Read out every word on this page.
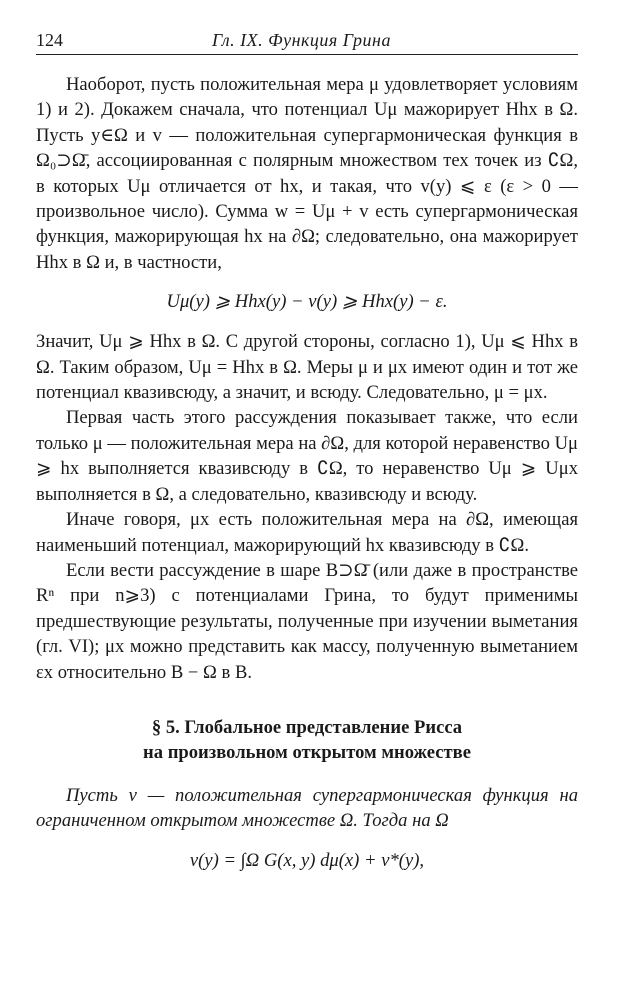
124	Гл. IX. Функция Грина

Наоборот, пусть положительная мера μ удовлетворяет условиям 1) и 2). Докажем сначала, что потенциал Uμ мажорирует Hhx в Ω. Пусть y∈Ω и v — положительная супергармоническая функция в Ω₀⊃Ω̄, ассоциированная с полярным множеством тех точек из ∁Ω, в которых Uμ отличается от hx, и такая, что v(y) ⩽ ε (ε > 0 — произвольное число). Сумма w = Uμ + v есть супергармоническая функция, мажорирующая hx на ∂Ω; следовательно, она мажорирует Hhx в Ω и, в частности,

Uμ(y) ⩾ Hhx(y) − v(y) ⩾ Hhx(y) − ε.

Значит, Uμ ⩾ Hhx в Ω. С другой стороны, согласно 1), Uμ ⩽ Hhx в Ω. Таким образом, Uμ = Hhx в Ω. Меры μ и μx имеют один и тот же потенциал квазивсюду, а значит, и всюду. Следовательно, μ = μx.

Первая часть этого рассуждения показывает также, что если только μ — положительная мера на ∂Ω, для которой неравенство Uμ ⩾ hx выполняется квазивсюду в ∁Ω, то неравенство Uμ ⩾ Uμx выполняется в Ω, а следовательно, квазивсюду и всюду.

Иначе говоря, μx есть положительная мера на ∂Ω, имеющая наименьший потенциал, мажорирующий hx квазивсюду в ∁Ω.

Если вести рассуждение в шаре B⊃Ω̄ (или даже в пространстве Rⁿ при n⩾3) с потенциалами Грина, то будут применимы предшествующие результаты, полученные при изучении выметания (гл. VI); μx можно представить как массу, полученную выметанием εx относительно B − Ω в B.

§ 5. Глобальное представление Рисса
на произвольном открытом множестве

Пусть v — положительная супергармоническая функция на ограниченном открытом множестве Ω. Тогда на Ω

v(y) = ∫Ω G(x, y) dμ(x) + v*(y),
